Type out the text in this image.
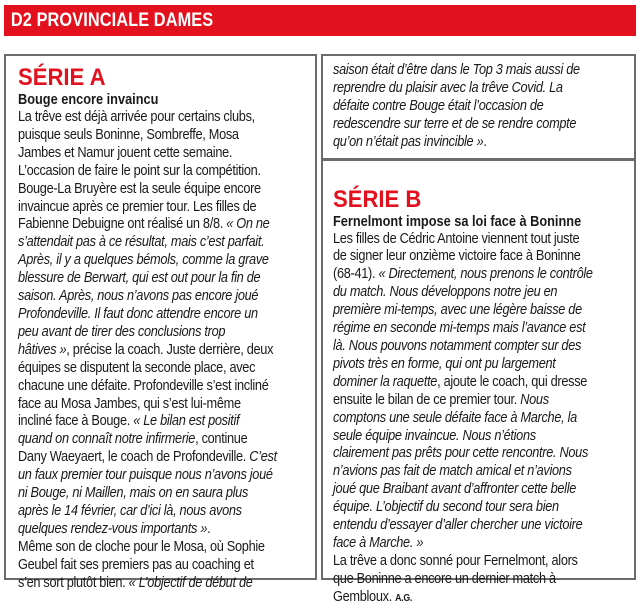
D2 PROVINCIALE DAMES
SÉRIE A
Bouge encore invaincu
La trêve est déjà arrivée pour certains clubs,
puisque seuls Boninne, Sombreffe, Mosa
Jambes et Namur jouent cette semaine.
L’occasion de faire le point sur la compétition.
Bouge-La Bruyère est la seule équipe encore
invaincue après ce premier tour. Les filles de
Fabienne Debuigne ont réalisé un 8/8. « On ne
s’attendait pas à ce résultat, mais c’est parfait.
Après, il y a quelques bémols, comme la grave
blessure de Berwart, qui est out pour la fin de
saison. Après, nous n’avons pas encore joué
Profondeville. Il faut donc attendre encore un
peu avant de tirer des conclusions trop
hâtives », précise la coach. Juste derrière, deux
équipes se disputent la seconde place, avec
chacune une défaite. Profondeville s’est incliné
face au Mosa Jambes, qui s’est lui-même
incliné face à Bouge. « Le bilan est positif
quand on connaît notre infirmerie, continue
Dany Waeyaert, le coach de Profondeville. C’est
un faux premier tour puisque nous n’avons joué
ni Bouge, ni Maillen, mais on en saura plus
après le 14 février, car d’ici là, nous avons
quelques rendez-vous importants ».
Même son de cloche pour le Mosa, où Sophie
Geubel fait ses premiers pas au coaching et
s’en sort plutôt bien. « L’objectif de début de
saison était d’être dans le Top 3 mais aussi de
reprendre du plaisir avec la trêve Covid. La
défaite contre Bouge était l’occasion de
redescendre sur terre et de se rendre compte
qu’on n’était pas invincible ».
SÉRIE B
Fernelmont impose sa loi face à Boninne
Les filles de Cédric Antoine viennent tout juste
de signer leur onzième victoire face à Boninne
(68-41). « Directement, nous prenons le contrôle
du match. Nous développons notre jeu en
première mi-temps, avec une légère baisse de
régime en seconde mi-temps mais l’avance est
là. Nous pouvons notamment compter sur des
pivots très en forme, qui ont pu largement
dominer la raquette, ajoute le coach, qui dresse
ensuite le bilan de ce premier tour. Nous
comptons une seule défaite face à Marche, la
seule équipe invaincue. Nous n’étions
clairement pas prêts pour cette rencontre. Nous
n’avions pas fait de match amical et n’avions
joué que Braibant avant d’affronter cette belle
équipe. L’objectif du second tour sera bien
entendu d’essayer d’aller chercher une victoire
face à Marche. »
La trêve a donc sonné pour Fernelmont, alors
que Boninne a encore un dernier match à
Gembloux. A.G.
